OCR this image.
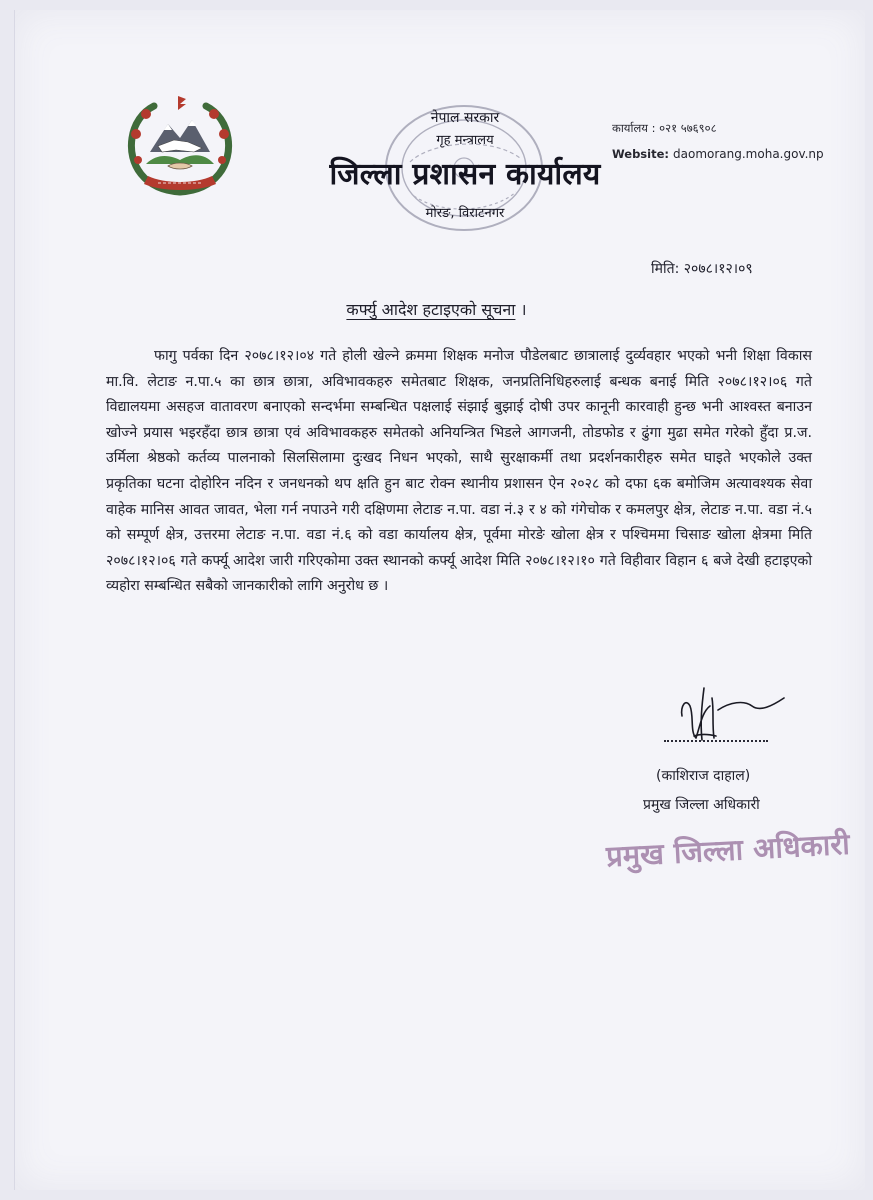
नेपाल सरकार
गृह मन्त्रालय
जिल्ला प्रशासन कार्यालय
मोरङ, विराटनगर
कार्यालय : ०२१ ५७६९०८
Website: daomorang.moha.gov.np
मिति: २०७८।१२।०९
कर्फ्यु आदेश हटाइएको सूचना ।
फागु पर्वका दिन २०७८।१२।०४ गते होली खेल्ने क्रममा शिक्षक मनोज पौडेलबाट छात्रालाई दुर्व्यवहार भएको भनी शिक्षा विकास मा.वि. लेटाङ न.पा.५ का छात्र छात्रा, अविभावकहरु समेतबाट शिक्षक, जनप्रतिनिधिहरुलाई बन्धक बनाई मिति २०७८।१२।०६ गते विद्यालयमा असहज वातावरण बनाएको सन्दर्भमा सम्बन्धित पक्षलाई संझाई बुझाई दोषी उपर कानूनी कारवाही हुन्छ भनी आश्वस्त बनाउन खोज्ने प्रयास भइरहँदा छात्र छात्रा एवं अविभावकहरु समेतको अनियन्त्रित भिडले आगजनी, तोडफोड र ढुंगा मुढा समेत गरेको हुँदा प्र.ज. उर्मिला श्रेष्ठको कर्तव्य पालनाको सिलसिलामा दुःखद निधन भएको, साथै सुरक्षाकर्मी तथा प्रदर्शनकारीहरु समेत घाइते भएकोले उक्त प्रकृतिका घटना दोहोरिन नदिन र जनधनको थप क्षति हुन बाट रोक्न स्थानीय प्रशासन ऐन २०२८ को दफा ६क बमोजिम अत्यावश्यक सेवा वाहेक मानिस आवत जावत, भेला गर्न नपाउने गरी दक्षिणमा लेटाङ न.पा. वडा नं.३ र ४ को गंगेचोक र कमलपुर क्षेत्र, लेटाङ न.पा. वडा नं.५ को सम्पूर्ण क्षेत्र, उत्तरमा लेटाङ न.पा. वडा नं.६ को वडा कार्यालय क्षेत्र, पूर्वमा मोरङे खोला क्षेत्र र पश्चिममा चिसाङ खोला क्षेत्रमा मिति २०७८।१२।०६ गते कर्फ्यू आदेश जारी गरिएकोमा उक्त स्थानको कर्फ्यू आदेश मिति २०७८।१२।१० गते विहीवार विहान ६ बजे देखी हटाइएको व्यहोरा सम्बन्धित सबैको जानकारीको लागि अनुरोध छ ।
(काशिराज दाहाल)
प्रमुख जिल्ला अधिकारी
प्रमुख जिल्ला अधिकारी
